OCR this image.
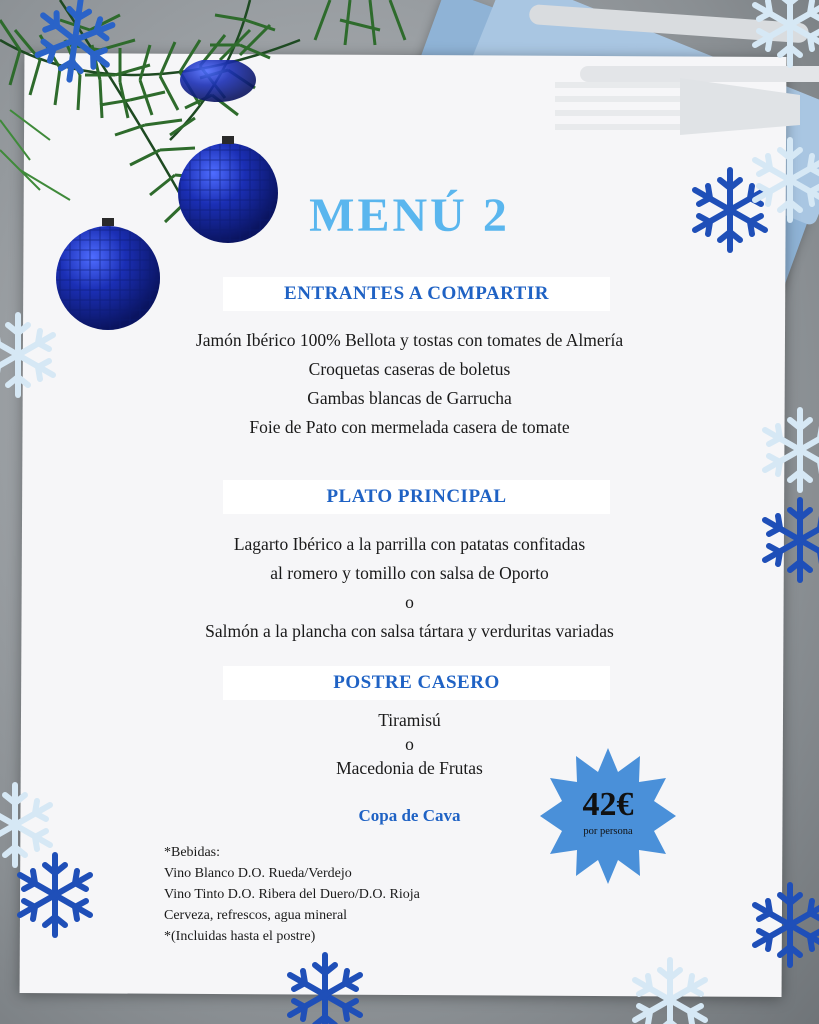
MENÚ 2
ENTRANTES A COMPARTIR
Jamón Ibérico 100% Bellota y tostas con tomates de Almería
Croquetas caseras de boletus
Gambas blancas de Garrucha
Foie de Pato con mermelada casera de tomate
PLATO PRINCIPAL
Lagarto Ibérico a la parrilla con patatas confitadas
al romero y tomillo con salsa de Oporto
o
Salmón a la plancha con salsa tártara y verduritas variadas
POSTRE CASERO
Tiramisú
o
Macedonia de Frutas
Copa de Cava
*Bebidas:
Vino Blanco D.O. Rueda/Verdejo
Vino Tinto D.O. Ribera del Duero/D.O. Rioja
Cerveza, refrescos, agua mineral
*(Incluidas hasta el postre)
42€
por persona
